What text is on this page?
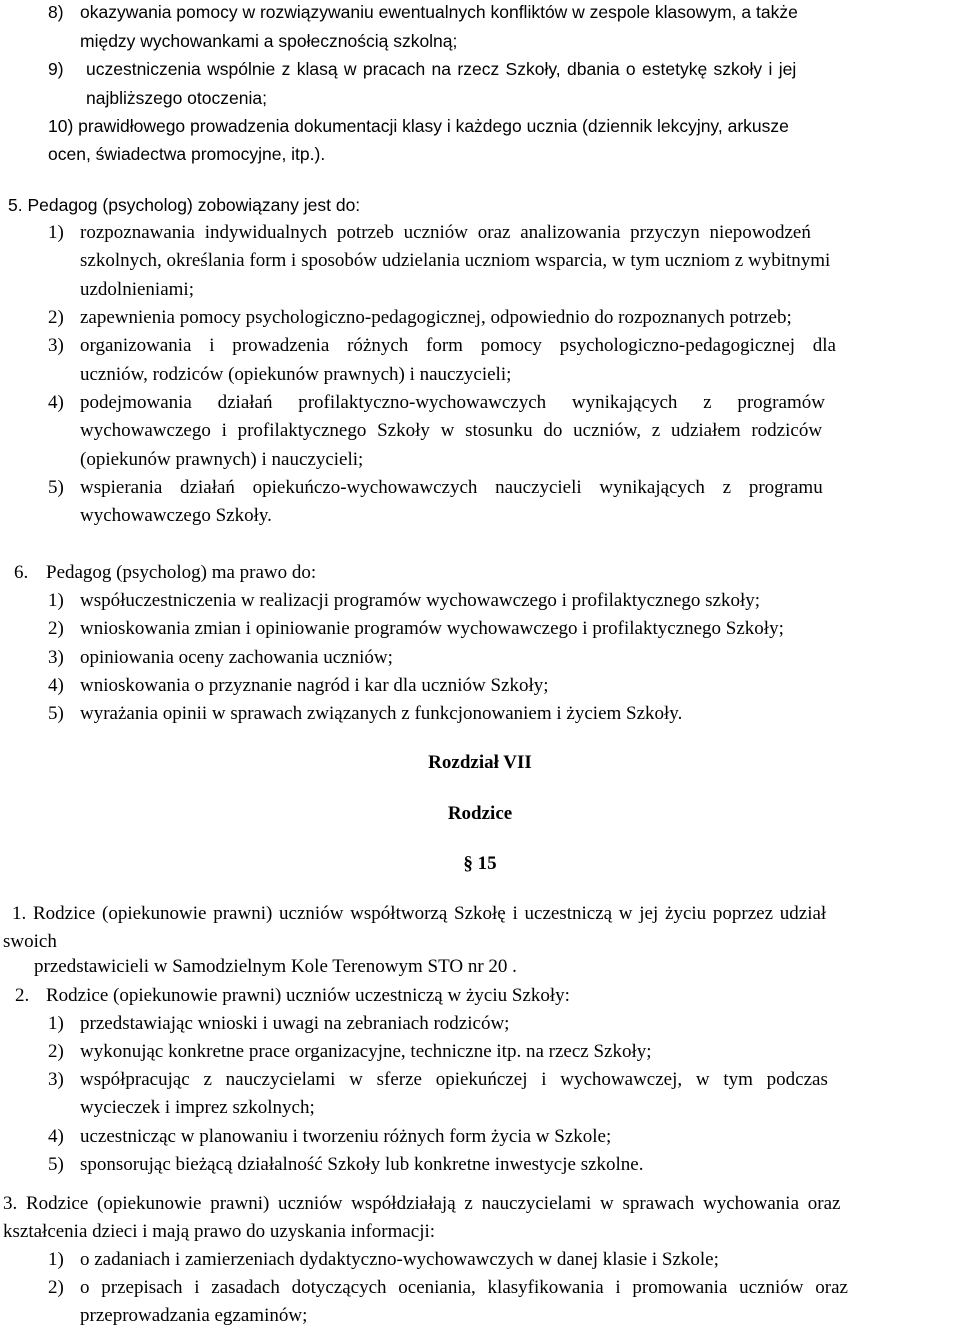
8) okazywania pomocy w rozwiązywaniu ewentualnych konfliktów w zespole klasowym, a także
między wychowankami a społecznością szkolną;
9) uczestniczenia wspólnie z klasą w pracach na rzecz Szkoły, dbania o estetykę szkoły i jej
najbliższego otoczenia;
10) prawidłowego prowadzenia dokumentacji klasy i każdego ucznia (dziennik lekcyjny, arkusze
ocen, świadectwa promocyjne, itp.).
5. Pedagog (psycholog) zobowiązany jest do:
1) rozpoznawania indywidualnych potrzeb uczniów oraz analizowania przyczyn niepowodzeń
szkolnych, określania form i sposobów udzielania uczniom wsparcia, w tym uczniom z wybitnymi
uzdolnieniami;
2) zapewnienia pomocy psychologiczno-pedagogicznej, odpowiednio do rozpoznanych potrzeb;
3) organizowania i prowadzenia różnych form pomocy psychologiczno-pedagogicznej dla
uczniów, rodziców (opiekunów prawnych) i nauczycieli;
4) podejmowania działań profilaktyczno-wychowawczych wynikających z programów
wychowawczego i profilaktycznego Szkoły w stosunku do uczniów, z udziałem rodziców
(opiekunów prawnych) i nauczycieli;
5) wspierania działań opiekuńczo-wychowawczych nauczycieli wynikających z programu
wychowawczego Szkoły.
6. Pedagog (psycholog) ma prawo do:
1) współuczestniczenia w realizacji programów wychowawczego i profilaktycznego szkoły;
2) wnioskowania zmian i opiniowanie programów wychowawczego i profilaktycznego Szkoły;
3) opiniowania oceny zachowania uczniów;
4) wnioskowania o przyznanie nagród i kar dla uczniów Szkoły;
5) wyrażania opinii w sprawach związanych z funkcjonowaniem i życiem Szkoły.
Rozdział VII
Rodzice
§ 15
1. Rodzice (opiekunowie prawni) uczniów współtworzą Szkołę i uczestniczą w jej życiu poprzez udział
swoich
przedstawicieli w Samodzielnym Kole Terenowym STO nr 20 .
2. Rodzice (opiekunowie prawni) uczniów uczestniczą w życiu Szkoły:
1) przedstawiając wnioski i uwagi na zebraniach rodziców;
2) wykonując konkretne prace organizacyjne, techniczne itp. na rzecz Szkoły;
3) współpracując z nauczycielami w sferze opiekuńczej i wychowawczej, w tym podczas
wycieczek i imprez szkolnych;
4) uczestnicząc w planowaniu i tworzeniu różnych form życia w Szkole;
5) sponsorując bieżącą działalność Szkoły lub konkretne inwestycje szkolne.
3. Rodzice (opiekunowie prawni) uczniów współdziałają z nauczycielami w sprawach wychowania oraz
kształcenia dzieci i mają prawo do uzyskania informacji:
1) o zadaniach i zamierzeniach dydaktyczno-wychowawczych w danej klasie i Szkole;
2) o przepisach i zasadach dotyczących oceniania, klasyfikowania i promowania uczniów oraz
przeprowadzania egzaminów;
